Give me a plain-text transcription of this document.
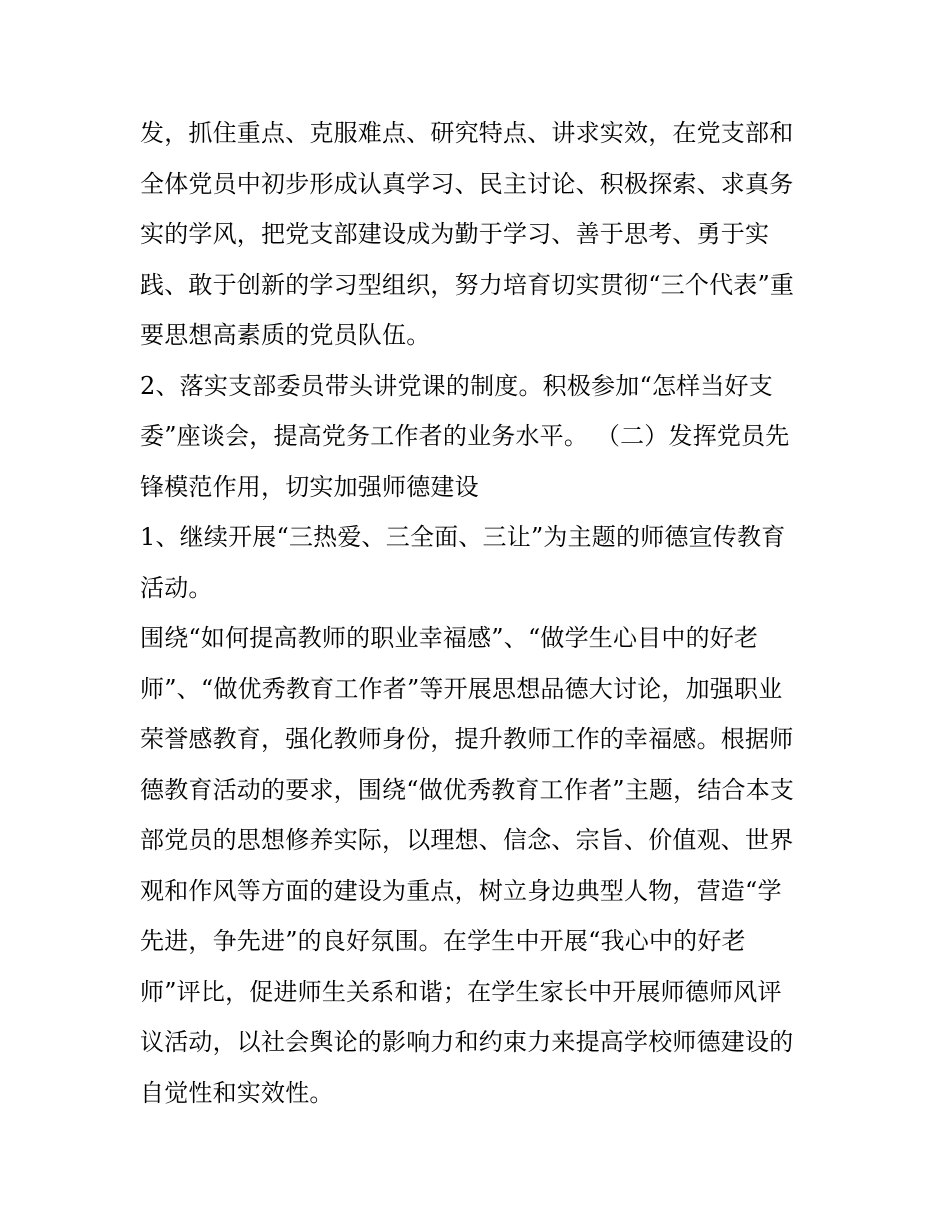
发，抓住重点、克服难点、研究特点、讲求实效，在党支部和
全体党员中初步形成认真学习、民主讨论、积极探索、求真务
实的学风，把党支部建设成为勤于学习、善于思考、勇于实
践、敢于创新的学习型组织，努力培育切实贯彻“三个代表”重
要思想高素质的党员队伍。
2、落实支部委员带头讲党课的制度。积极参加“怎样当好支
委”座谈会，提高党务工作者的业务水平。 （二）发挥党员先
锋模范作用，切实加强师德建设
1、继续开展“三热爱、三全面、三让”为主题的师德宣传教育
活动。
围绕“如何提高教师的职业幸福感”、“做学生心目中的好老
师”、“做优秀教育工作者”等开展思想品德大讨论，加强职业
荣誉感教育，强化教师身份，提升教师工作的幸福感。根据师
德教育活动的要求，围绕“做优秀教育工作者”主题，结合本支
部党员的思想修养实际，以理想、信念、宗旨、价值观、世界
观和作风等方面的建设为重点，树立身边典型人物，营造“学
先进，争先进”的良好氛围。在学生中开展“我心中的好老
师”评比，促进师生关系和谐；在学生家长中开展师德师风评
议活动，以社会舆论的影响力和约束力来提高学校师德建设的
自觉性和实效性。
